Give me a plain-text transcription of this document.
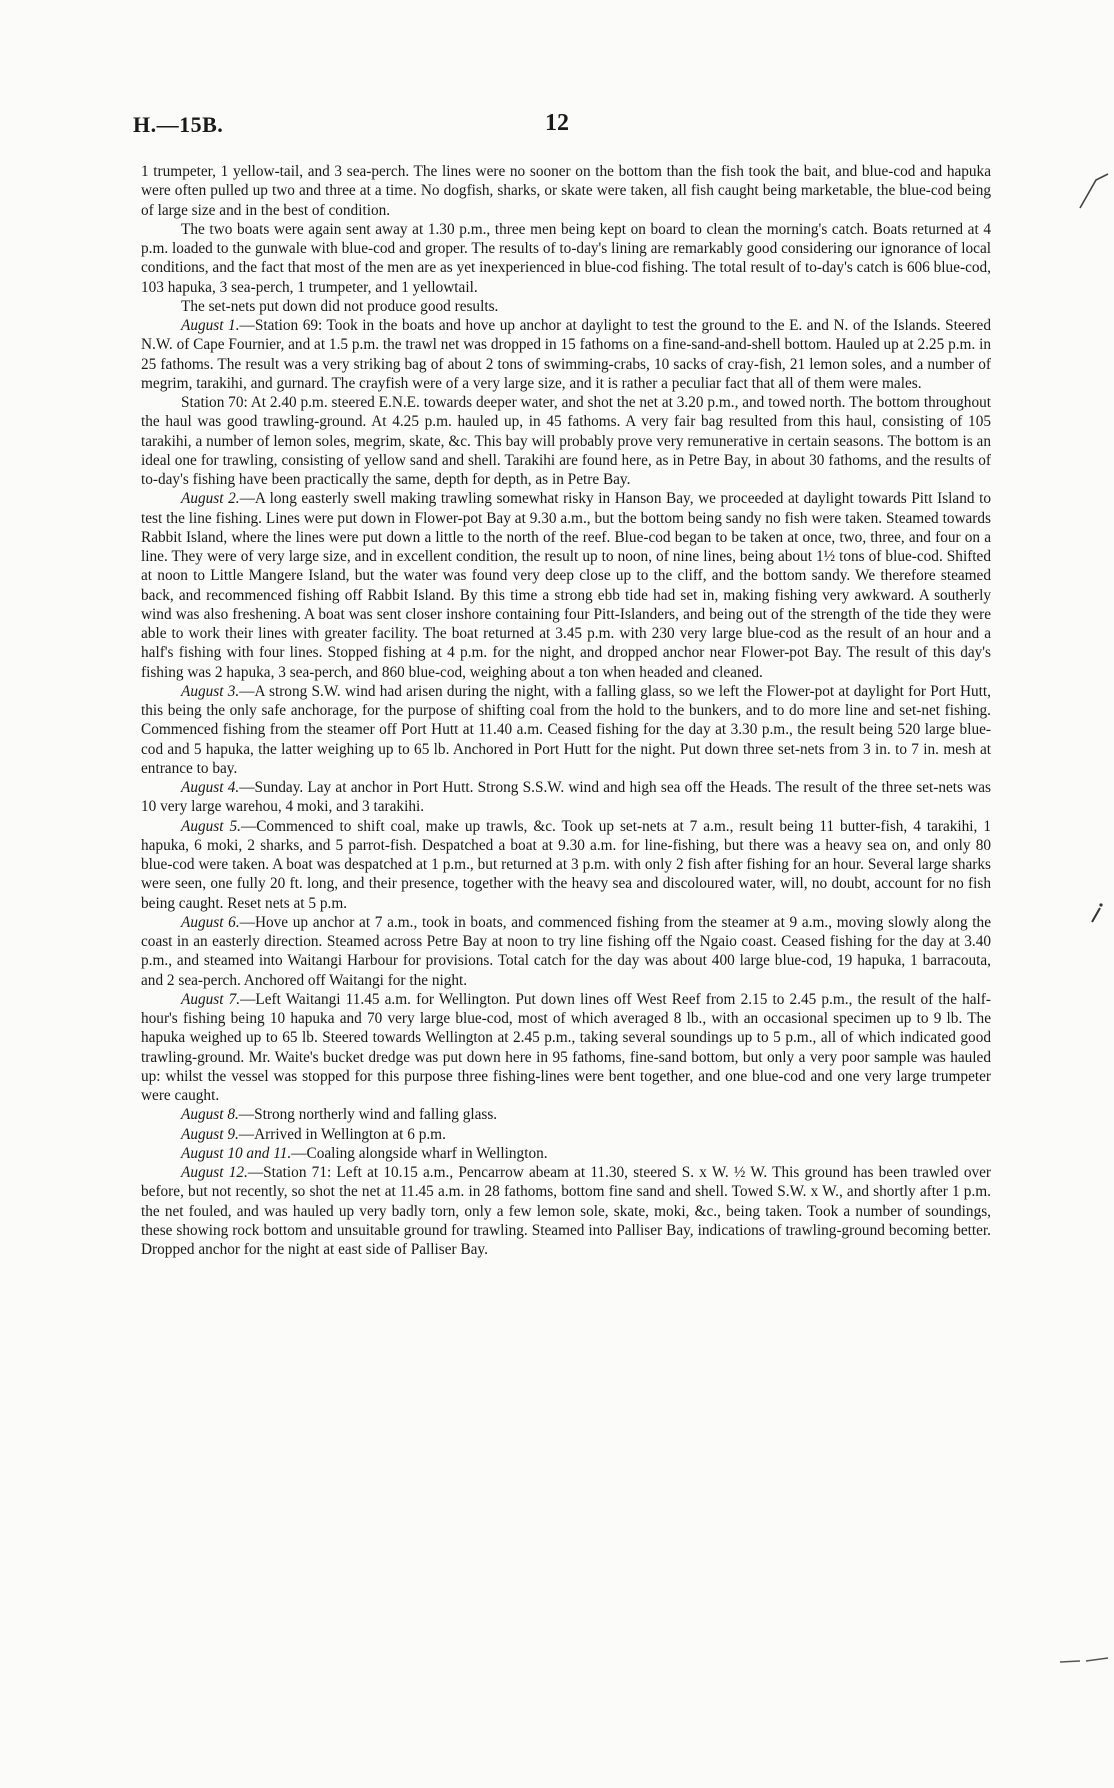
H.—15B.	12

1 trumpeter, 1 yellow-tail, and 3 sea-perch. The lines were no sooner on the bottom than the fish took the bait, and blue-cod and hapuka were often pulled up two and three at a time. No dogfish, sharks, or skate were taken, all fish caught being marketable, the blue-cod being of large size and in the best of condition.

The two boats were again sent away at 1.30 p.m., three men being kept on board to clean the morning's catch. Boats returned at 4 p.m. loaded to the gunwale with blue-cod and groper. The results of to-day's lining are remarkably good considering our ignorance of local conditions, and the fact that most of the men are as yet inexperienced in blue-cod fishing. The total result of to-day's catch is 606 blue-cod, 103 hapuka, 3 sea-perch, 1 trumpeter, and 1 yellowtail.

The set-nets put down did not produce good results.

August 1.—Station 69: Took in the boats and hove up anchor at daylight to test the ground to the E. and N. of the Islands. Steered N.W. of Cape Fournier, and at 1.5 p.m. the trawl net was dropped in 15 fathoms on a fine-sand-and-shell bottom. Hauled up at 2.25 p.m. in 25 fathoms. The result was a very striking bag of about 2 tons of swimming-crabs, 10 sacks of cray-fish, 21 lemon soles, and a number of megrim, tarakihi, and gurnard. The crayfish were of a very large size, and it is rather a peculiar fact that all of them were males.

Station 70: At 2.40 p.m. steered E.N.E. towards deeper water, and shot the net at 3.20 p.m., and towed north. The bottom throughout the haul was good trawling-ground. At 4.25 p.m. hauled up, in 45 fathoms. A very fair bag resulted from this haul, consisting of 105 tarakihi, a number of lemon soles, megrim, skate, &c. This bay will probably prove very remunerative in certain seasons. The bottom is an ideal one for trawling, consisting of yellow sand and shell. Tarakihi are found here, as in Petre Bay, in about 30 fathoms, and the results of to-day's fishing have been practically the same, depth for depth, as in Petre Bay.

August 2.—A long easterly swell making trawling somewhat risky in Hanson Bay, we proceeded at daylight towards Pitt Island to test the line fishing. Lines were put down in Flower-pot Bay at 9.30 a.m., but the bottom being sandy no fish were taken. Steamed towards Rabbit Island, where the lines were put down a little to the north of the reef. Blue-cod began to be taken at once, two, three, and four on a line. They were of very large size, and in excellent condition, the result up to noon, of nine lines, being about 1½ tons of blue-cod. Shifted at noon to Little Mangere Island, but the water was found very deep close up to the cliff, and the bottom sandy. We therefore steamed back, and recommenced fishing off Rabbit Island. By this time a strong ebb tide had set in, making fishing very awkward. A southerly wind was also freshening. A boat was sent closer inshore containing four Pitt-Islanders, and being out of the strength of the tide they were able to work their lines with greater facility. The boat returned at 3.45 p.m. with 230 very large blue-cod as the result of an hour and a half's fishing with four lines. Stopped fishing at 4 p.m. for the night, and dropped anchor near Flower-pot Bay. The result of this day's fishing was 2 hapuka, 3 sea-perch, and 860 blue-cod, weighing about a ton when headed and cleaned.

August 3.—A strong S.W. wind had arisen during the night, with a falling glass, so we left the Flower-pot at daylight for Port Hutt, this being the only safe anchorage, for the purpose of shifting coal from the hold to the bunkers, and to do more line and set-net fishing. Commenced fishing from the steamer off Port Hutt at 11.40 a.m. Ceased fishing for the day at 3.30 p.m., the result being 520 large blue-cod and 5 hapuka, the latter weighing up to 65 lb. Anchored in Port Hutt for the night. Put down three set-nets from 3 in. to 7 in. mesh at entrance to bay.

August 4.—Sunday. Lay at anchor in Port Hutt. Strong S.S.W. wind and high sea off the Heads. The result of the three set-nets was 10 very large warehou, 4 moki, and 3 tarakihi.

August 5.—Commenced to shift coal, make up trawls, &c. Took up set-nets at 7 a.m., result being 11 butter-fish, 4 tarakihi, 1 hapuka, 6 moki, 2 sharks, and 5 parrot-fish. Despatched a boat at 9.30 a.m. for line-fishing, but there was a heavy sea on, and only 80 blue-cod were taken. A boat was despatched at 1 p.m., but returned at 3 p.m. with only 2 fish after fishing for an hour. Several large sharks were seen, one fully 20 ft. long, and their presence, together with the heavy sea and discoloured water, will, no doubt, account for no fish being caught. Reset nets at 5 p.m.

August 6.—Hove up anchor at 7 a.m., took in boats, and commenced fishing from the steamer at 9 a.m., moving slowly along the coast in an easterly direction. Steamed across Petre Bay at noon to try line fishing off the Ngaio coast. Ceased fishing for the day at 3.40 p.m., and steamed into Waitangi Harbour for provisions. Total catch for the day was about 400 large blue-cod, 19 hapuka, 1 barracouta, and 2 sea-perch. Anchored off Waitangi for the night.

August 7.—Left Waitangi 11.45 a.m. for Wellington. Put down lines off West Reef from 2.15 to 2.45 p.m., the result of the half-hour's fishing being 10 hapuka and 70 very large blue-cod, most of which averaged 8 lb., with an occasional specimen up to 9 lb. The hapuka weighed up to 65 lb. Steered towards Wellington at 2.45 p.m., taking several soundings up to 5 p.m., all of which indicated good trawling-ground. Mr. Waite's bucket dredge was put down here in 95 fathoms, fine-sand bottom, but only a very poor sample was hauled up: whilst the vessel was stopped for this purpose three fishing-lines were bent together, and one blue-cod and one very large trumpeter were caught.

August 8.—Strong northerly wind and falling glass.

August 9.—Arrived in Wellington at 6 p.m.

August 10 and 11.—Coaling alongside wharf in Wellington.

August 12.—Station 71: Left at 10.15 a.m., Pencarrow abeam at 11.30, steered S. x W. ½ W. This ground has been trawled over before, but not recently, so shot the net at 11.45 a.m. in 28 fathoms, bottom fine sand and shell. Towed S.W. x W., and shortly after 1 p.m. the net fouled, and was hauled up very badly torn, only a few lemon sole, skate, moki, &c., being taken. Took a number of soundings, these showing rock bottom and unsuitable ground for trawling. Steamed into Palliser Bay, indications of trawling-ground becoming better. Dropped anchor for the night at east side of Palliser Bay.
